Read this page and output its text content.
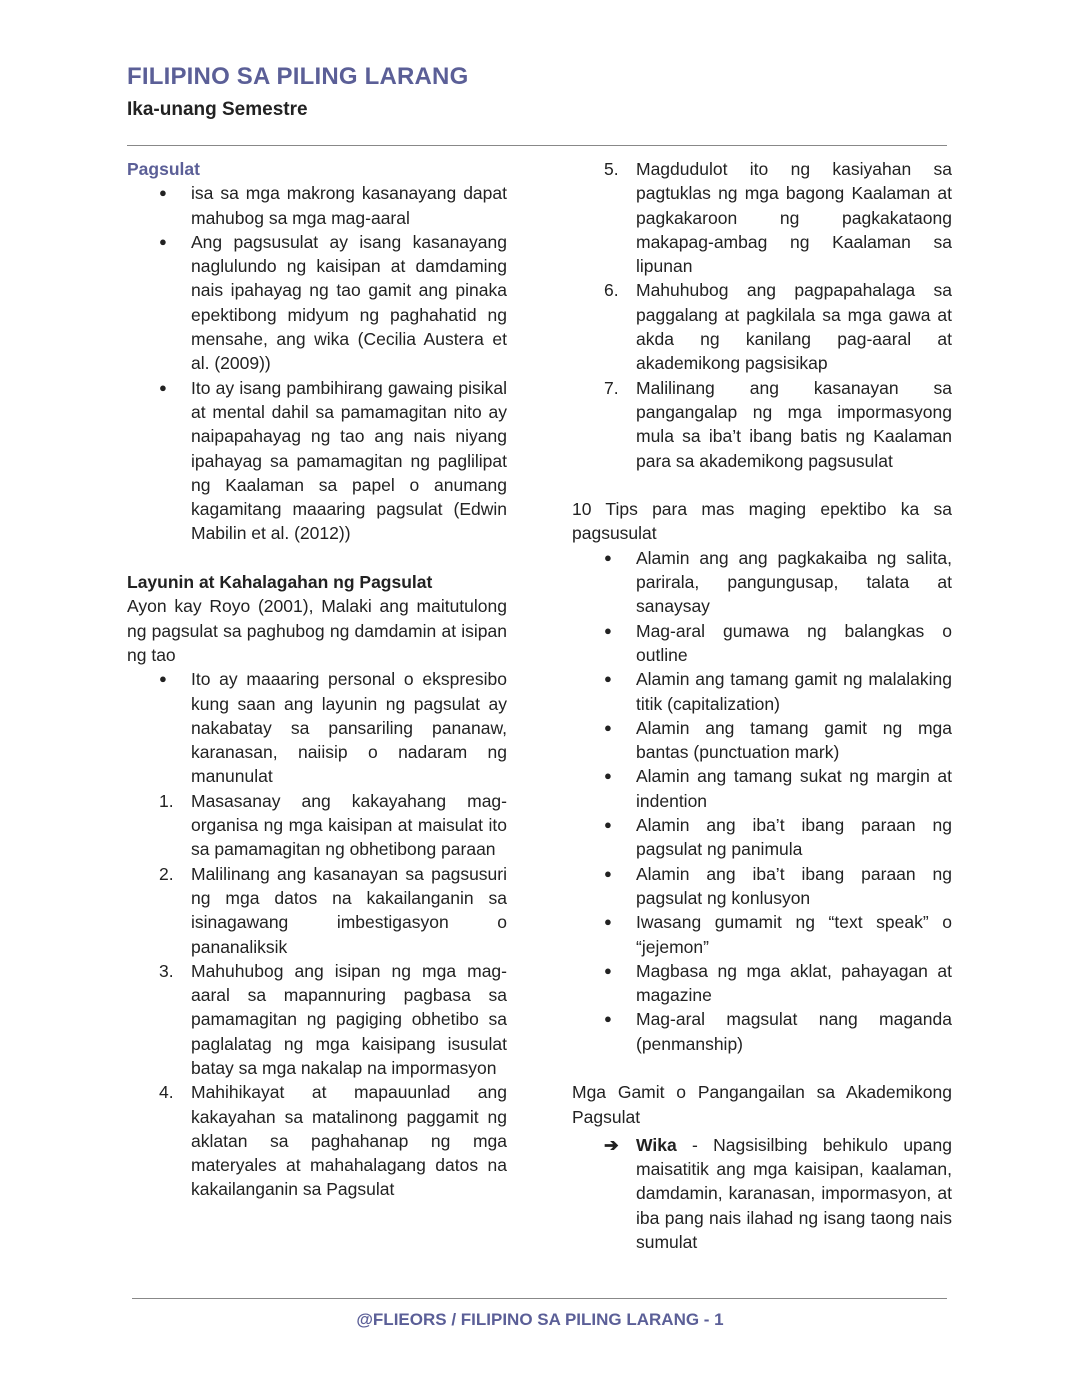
FILIPINO SA PILING LARANG
Ika-unang Semestre

Pagsulat

● isa sa mga makrong kasanayang dapat mahubog sa mga mag-aaral
● Ang pagsusulat ay isang kasanayang naglulundo ng kaisipan at damdaming nais ipahayag ng tao gamit ang pinaka epektibong midyum ng paghahatid ng mensahe, ang wika (Cecilia Austera et al. (2009))
● Ito ay isang pambihirang gawaing pisikal at mental dahil sa pamamagitan nito ay naipapahayag ng tao ang nais niyang ipahayag sa pamamagitan ng paglilipat ng Kaalaman sa papel o anumang kagamitang maaaring pagsulat (Edwin Mabilin et al. (2012))

Layunin at Kahalagahan ng Pagsulat

Ayon kay Royo (2001), Malaki ang maitutulong ng pagsulat sa paghubog ng damdamin at isipan ng tao

● Ito ay maaaring personal o ekspresibo kung saan ang layunin ng pagsulat ay nakabatay sa pansariling pananaw, karanasan, naiisip o nadaram ng manunulat
1. Masasanay ang kakayahang mag-organisa ng mga kaisipan at maisulat ito sa pamamagitan ng obhetibong paraan
2. Malilinang ang kasanayan sa pagsusuri ng mga datos na kakailanganin sa isinagawang imbestigasyon o pananaliksik
3. Mahuhubog ang isipan ng mga mag-aaral sa mapannuring pagbasa sa pamamagitan ng pagiging obhetibo sa paglalatag ng mga kaisipang isusulat batay sa mga nakalap na impormasyon
4. Mahihikayat at mapauunlad ang kakayahan sa matalinong paggamit ng aklatan sa paghahanap ng mga materyales at mahahalagang datos na kakailanganin sa Pagsulat
5. Magdudulot ito ng kasiyahan sa pagtuklas ng mga bagong Kaalaman at pagkakaroon ng pagkakataong makapag-ambag ng Kaalaman sa lipunan
6. Mahuhubog ang pagpapahalaga sa paggalang at pagkilala sa mga gawa at akda ng kanilang pag-aaral at akademikong pagsisikap
7. Malilinang ang kasanayan sa pangangalap ng mga impormasyong mula sa iba’t ibang batis ng Kaalaman para sa akademikong pagsusulat

10 Tips para mas maging epektibo ka sa pagsusulat

● Alamin ang ang pagkakaiba ng salita, parirala, pangungusap, talata at sanaysay
● Mag-aral gumawa ng balangkas o outline
● Alamin ang tamang gamit ng malalaking titik (capitalization)
● Alamin ang tamang gamit ng mga bantas (punctuation mark)
● Alamin ang tamang sukat ng margin at indention
● Alamin ang iba’t ibang paraan ng pagsulat ng panimula
● Alamin ang iba’t ibang paraan ng pagsulat ng konlusyon
● Iwasang gumamit ng “text speak” o “jejemon”
● Magbasa ng mga aklat, pahayagan at magazine
● Mag-aral magsulat nang maganda (penmanship)

Mga Gamit o Pangangailan sa Akademikong Pagsulat

➔ Wika - Nagsisilbing behikulo upang maisatitik ang mga kaisipan, kaalaman, damdamin, karanasan, impormasyon, at iba pang nais ilahad ng isang taong nais sumulat
@FLIEORS / FILIPINO SA PILING LARANG - 1
